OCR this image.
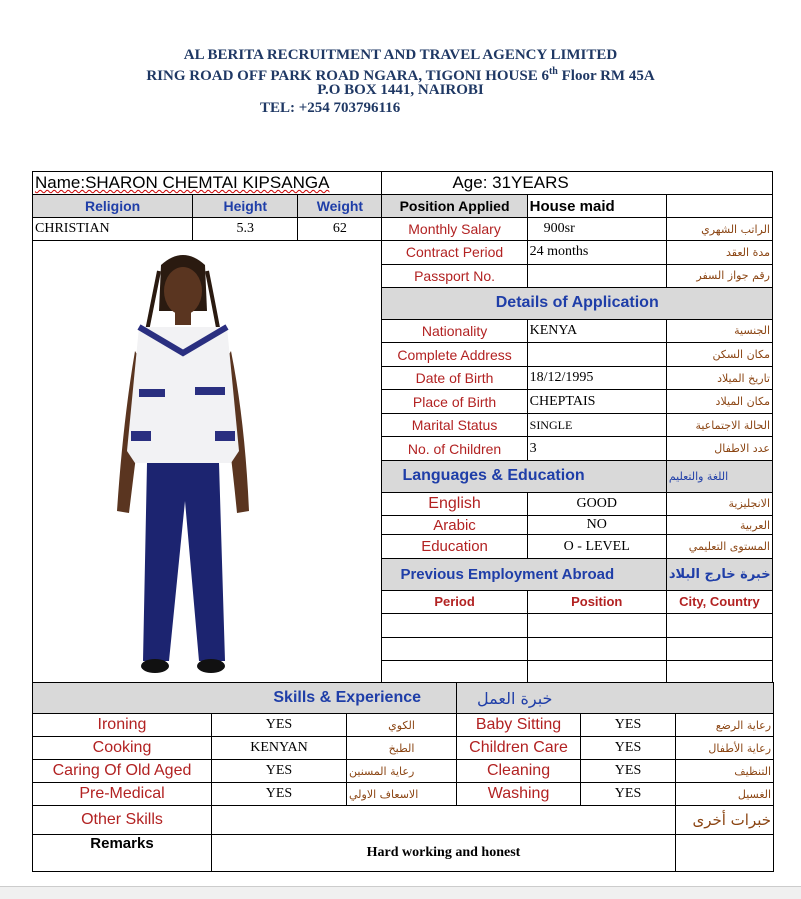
AL BERITA RECRUITMENT AND TRAVEL AGENCY LIMITED
RING ROAD OFF PARK ROAD NGARA, TIGONI HOUSE 6th Floor RM 45A
P.O BOX 1441, NAIROBI
TEL: +254 703796116
Name:SHARON CHEMTAI KIPSANGA			Age: 31YEARS		
Religion	Height	Weight	Position Applied	House maid	
CHRISTIAN	5.3	62	Monthly Salary	900sr	الراتب الشهري
	Contract Period	24 months	مدة العقد
			Passport No.		رقم جواز السفر
			Details of Application		
			Nationality	KENYA	الجنسية
			Complete Address		مكان السكن
			Date of Birth	18/12/1995	تاريخ الميلاد
			Place of Birth	CHEPTAIS	مكان الميلاد
			Marital Status	SINGLE	الحالة الاجتماعية
			No. of Children	3	عدد الاطفال
			Languages & Education		اللغة والتعليم
			English	GOOD	الانجليزية
			Arabic	NO	العربية
			Education	O - LEVEL	المستوى التعليمي
			Previous Employment Abroad		خبرة خارج البلاد
			Period	Position	City, Country

Skills & Experience			خبرة العمل		
Ironing	YES	الكوي	Baby Sitting	YES	رعاية الرضع
Cooking	KENYAN	الطبخ	Children Care	YES	رعاية الأطفال
Caring Of Old Aged	YES	رعاية المسنين	Cleaning	YES	التنظيف
Pre-Medical	YES	الاسعاف الاولي	Washing	YES	الغسيل
Other Skills					خبرات أخرى
Remarks	Hard working and honest				
